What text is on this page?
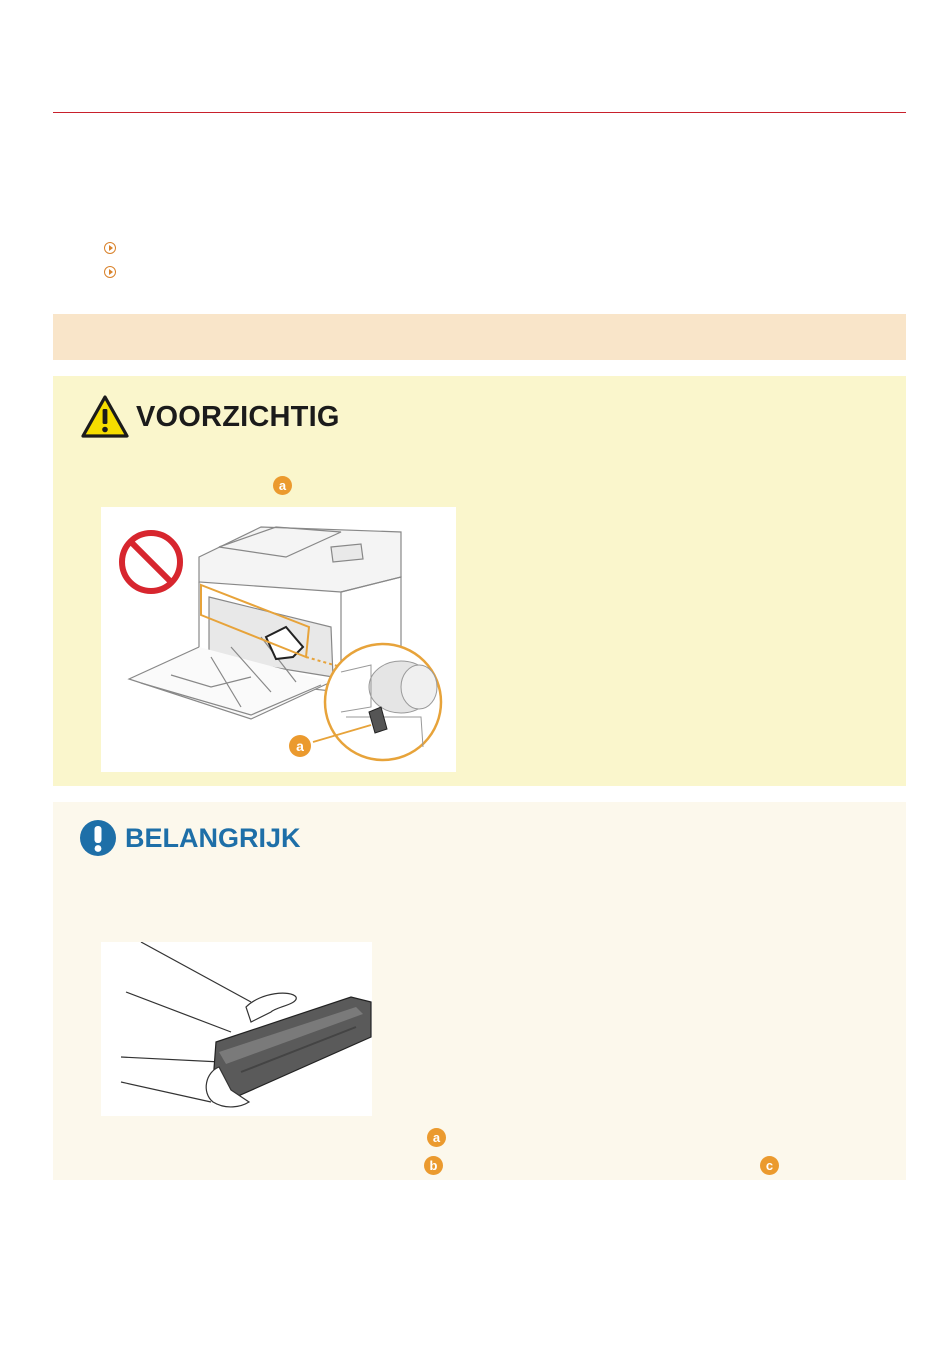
VOORZICHTIG
a
a
BELANGRIJK
a
b	c
